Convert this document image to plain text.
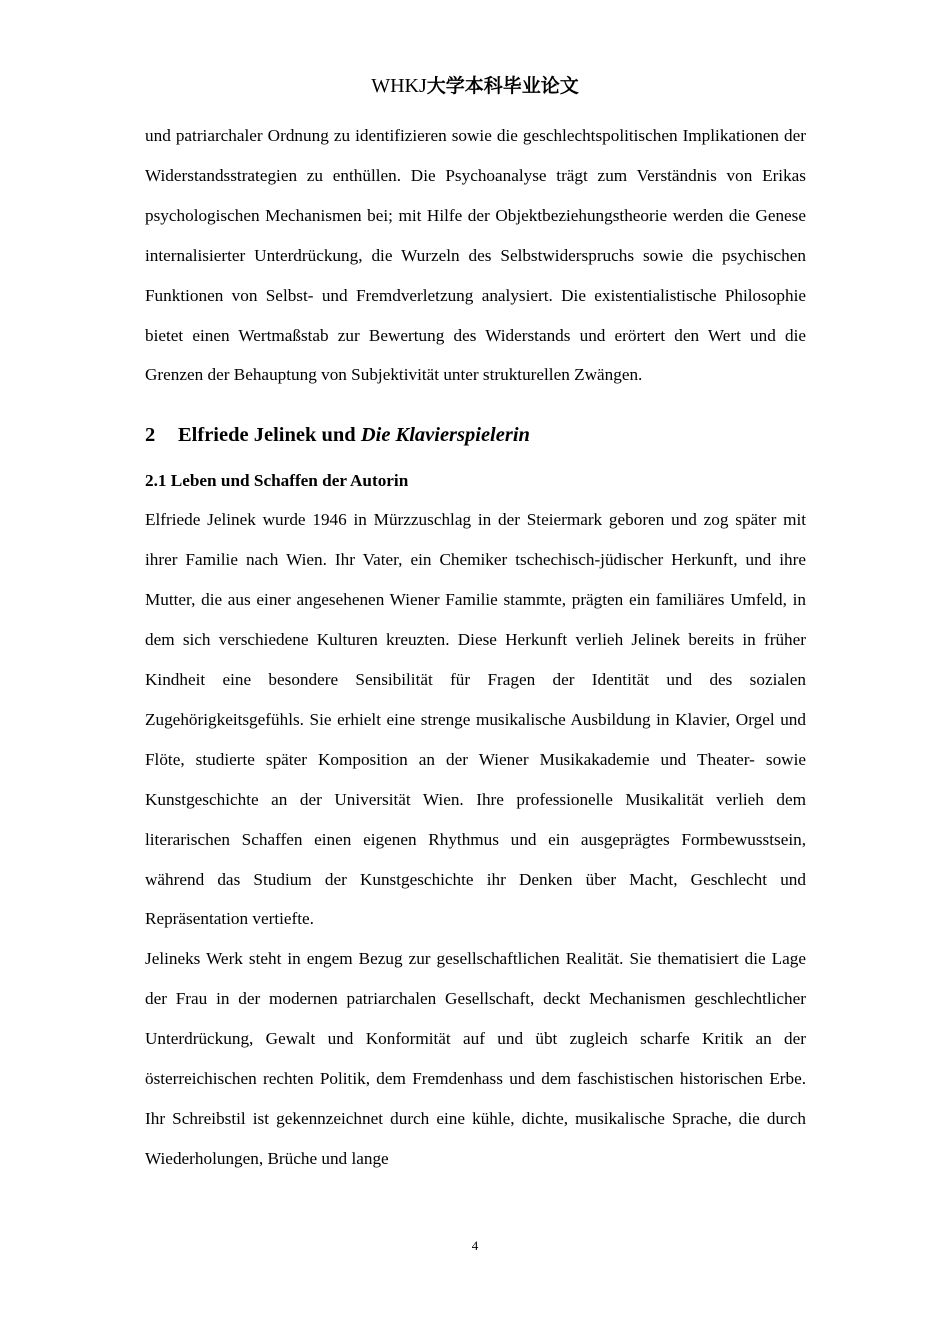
WHKJ大学本科毕业论文

und patriarchaler Ordnung zu identifizieren sowie die geschlechtspolitischen Implikationen der Widerstandsstrategien zu enthüllen. Die Psychoanalyse trägt zum Verständnis von Erikas psychologischen Mechanismen bei; mit Hilfe der Objektbeziehungstheorie werden die Genese internalisierter Unterdrückung, die Wurzeln des Selbstwiderspruchs sowie die psychischen Funktionen von Selbst- und Fremdverletzung analysiert. Die existentialistische Philosophie bietet einen Wertmaßstab zur Bewertung des Widerstands und erörtert den Wert und die Grenzen der Behauptung von Subjektivität unter strukturellen Zwängen.

2 Elfriede Jelinek und Die Klavierspielerin
2.1 Leben und Schaffen der Autorin

Elfriede Jelinek wurde 1946 in Mürzzuschlag in der Steiermark geboren und zog später mit ihrer Familie nach Wien. Ihr Vater, ein Chemiker tschechisch-jüdischer Herkunft, und ihre Mutter, die aus einer angesehenen Wiener Familie stammte, prägten ein familiäres Umfeld, in dem sich verschiedene Kulturen kreuzten. Diese Herkunft verlieh Jelinek bereits in früher Kindheit eine besondere Sensibilität für Fragen der Identität und des sozialen Zugehörigkeitsgefühls. Sie erhielt eine strenge musikalische Ausbildung in Klavier, Orgel und Flöte, studierte später Komposition an der Wiener Musikakademie und Theater- sowie Kunstgeschichte an der Universität Wien. Ihre professionelle Musikalität verlieh dem literarischen Schaffen einen eigenen Rhythmus und ein ausgeprägtes Formbewusstsein, während das Studium der Kunstgeschichte ihr Denken über Macht, Geschlecht und Repräsentation vertiefte.

Jelineks Werk steht in engem Bezug zur gesellschaftlichen Realität. Sie thematisiert die Lage der Frau in der modernen patriarchalen Gesellschaft, deckt Mechanismen geschlechtlicher Unterdrückung, Gewalt und Konformität auf und übt zugleich scharfe Kritik an der österreichischen rechten Politik, dem Fremdenhass und dem faschistischen historischen Erbe. Ihr Schreibstil ist gekennzeichnet durch eine kühle, dichte, musikalische Sprache, die durch Wiederholungen, Brüche und lange

4
